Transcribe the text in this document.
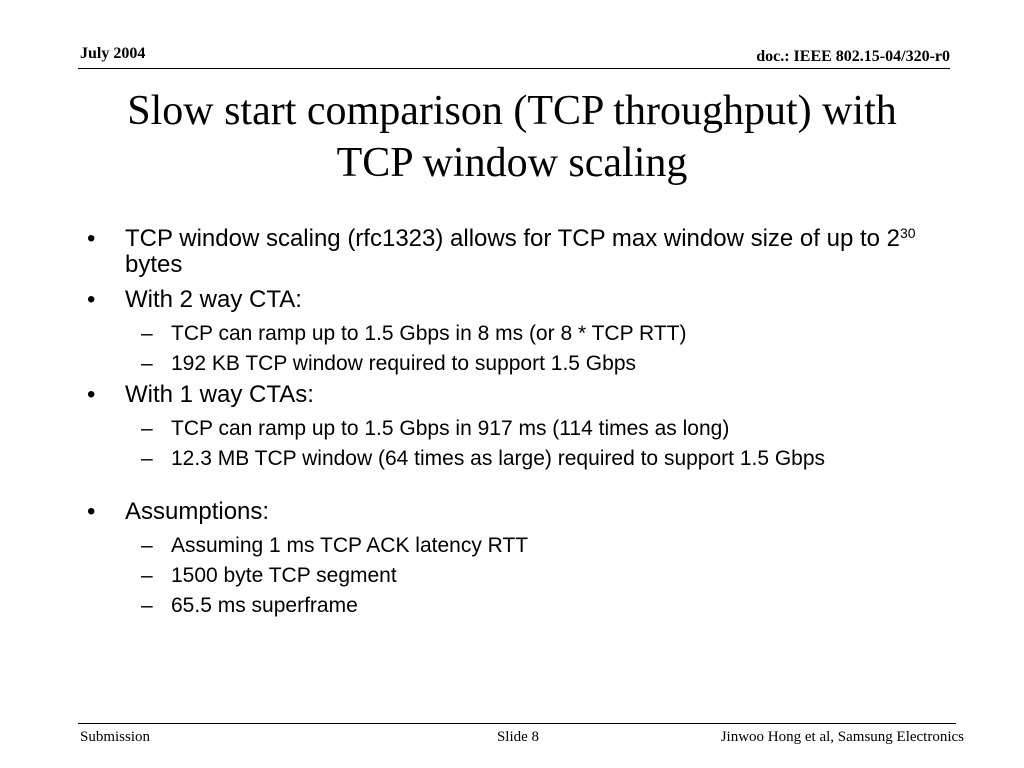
July 2004	doc.: IEEE 802.15-04/320-r0
Slow start comparison (TCP throughput) with
TCP window scaling
• TCP window scaling (rfc1323) allows for TCP max window size of up to $2^{30}$ bytes
• With 2 way CTA:
– TCP can ramp up to 1.5 Gbps in 8 ms (or 8 * TCP RTT)
– 192 KB TCP window required to support 1.5 Gbps
• With 1 way CTAs:
– TCP can ramp up to 1.5 Gbps in 917 ms (114 times as long)
– 12.3 MB TCP window (64 times as large) required to support 1.5 Gbps
• Assumptions:
– Assuming 1 ms TCP ACK latency RTT
– 1500 byte TCP segment
– 65.5 ms superframe
Submission	Slide 8	Jinwoo Hong et al, Samsung Electronics
